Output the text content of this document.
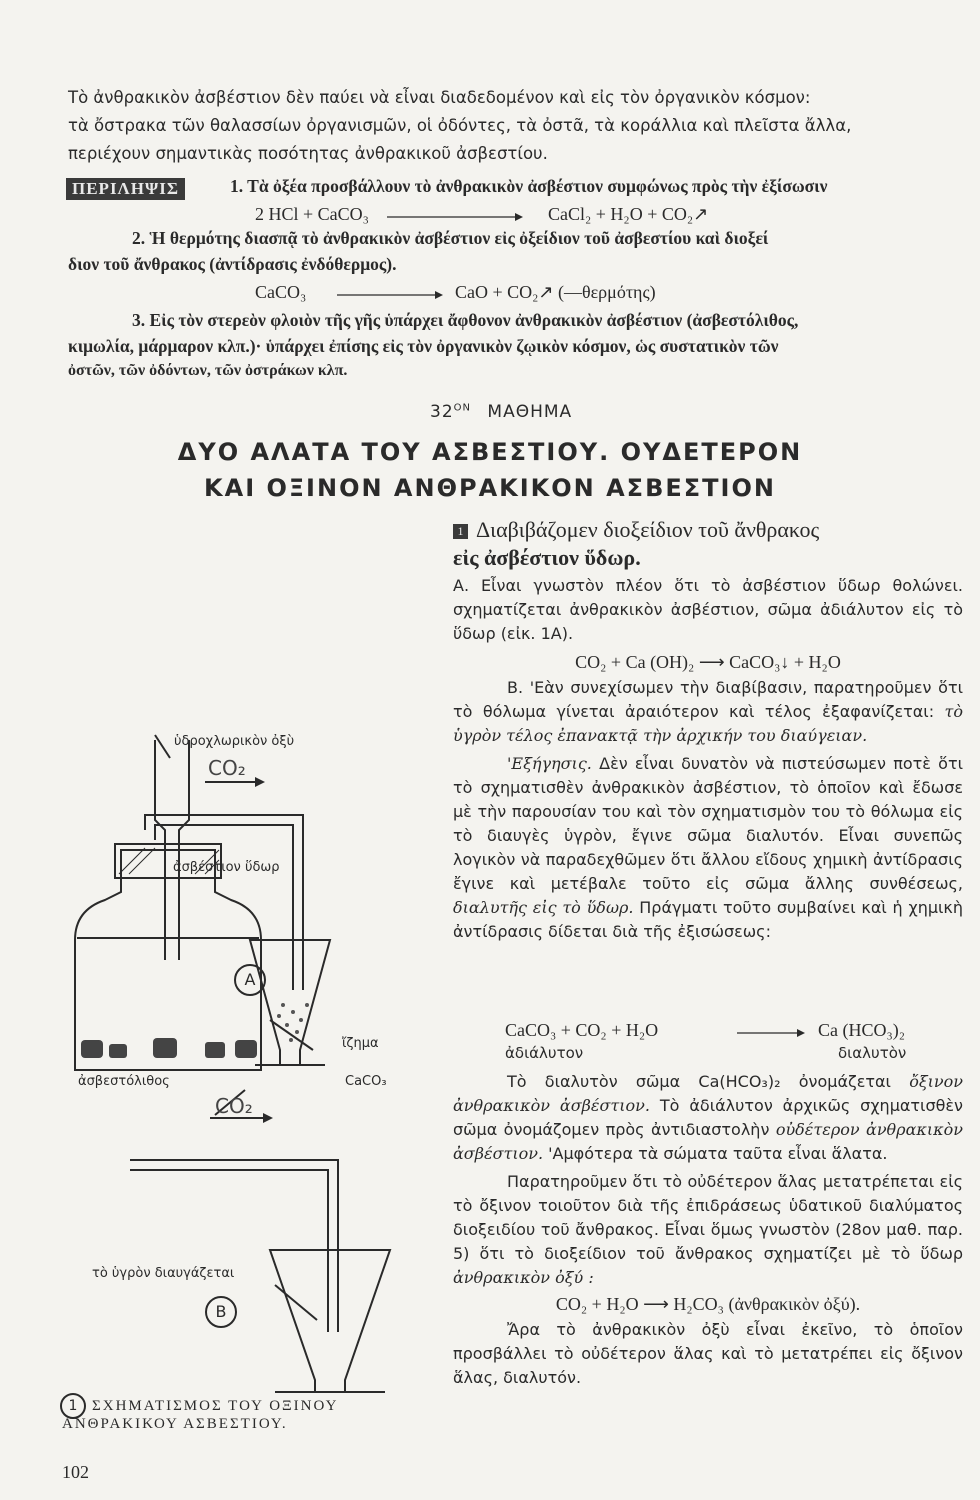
Τὸ ἀνθρακικὸν ἀσβέστιον δὲν παύει νὰ εἶναι διαδεδομένον καὶ εἰς τὸν ὀργανικὸν κόσμον:
τὰ ὄστρακα τῶν θαλασσίων ὀργανισμῶν, οἱ ὀδόντες, τὰ ὀστᾶ, τὰ κοράλλια καὶ πλεῖστα ἄλλα,
περιέχουν σημαντικὰς ποσότητας ἀνθρακικοῦ ἀσβεστίου.
ΠΕΡΙΛΗΨΙΣ	1. Τὰ ὀξέα προσβάλλουν τὸ ἀνθρακικὸν ἀσβέστιον συμφώνως πρὸς τὴν ἐξίσωσιν
2 HCl + CaCO₃	CaCl₂ + H₂O + CO₂↗
2. Ἡ θερμότης διασπᾷ τὸ ἀνθρακικὸν ἀσβέστιον εἰς ὀξείδιον τοῦ ἀσβεστίου καὶ διοξεί
διον τοῦ ἄνθρακος (ἀντίδρασις ἐνδόθερμος).
CaCO₃	CaO + CO₂↗ (—θερμότης)
3. Εἰς τὸν στερεὸν φλοιὸν τῆς γῆς ὑπάρχει ἄφθονον ἀνθρακικὸν ἀσβέστιον (ἀσβεστόλιθος,
κιμωλία, μάρμαρον κλπ.)· ὑπάρχει ἐπίσης εἰς τὸν ὀργανικὸν ζῳικὸν κόσμον, ὡς συστατικὸν τῶν
ὀστῶν, τῶν ὀδόντων, τῶν ὀστράκων κλπ.
$32^{ON}$ ΜΑΘΗΜΑ
ΔΥΟ ΑΛΑΤΑ ΤΟΥ ΑΣΒΕΣΤΙΟΥ. ΟΥΔΕΤΕΡΟΝ
ΚΑΙ ΟΞΙΝΟΝ ΑΝΘΡΑΚΙΚΟΝ ΑΣΒΕΣΤΙΟΝ
1 Διαβιβάζομεν διοξείδιον τοῦ ἄνθρακος
εἰς ἀσβέστιον ὕδωρ.

Α. Εἶναι γνωστὸν πλέον ὅτι τὸ ἀσβέστιον ὕδωρ θολώνει. σχηματίζεται ἀνθρακικὸν ἀσβέστιον, σῶμα ἀδιάλυτον εἰς τὸ ὕδωρ (εἰκ. 1Α).

CO₂ + Ca (OH)₂ ⟶ CaCO₃↓ + H₂O

Β. 'Εὰν συνεχίσωμεν τὴν διαβίβασιν, παρατηροῦμεν ὅτι τὸ θόλωμα γίνεται ἀραιότερον καὶ τέλος ἐξαφανίζεται: τὸ ὑγρὸν τέλος ἐπανακτᾷ τὴν ἀρχικήν του διαύγειαν.

'Εξήγησις. Δὲν εἶναι δυνατὸν νὰ πιστεύσωμεν ποτὲ ὅτι τὸ σχηματισθὲν ἀνθρακικὸν ἀσβέστιον, τὸ ὁποῖον καὶ ἔδωσε μὲ τὴν παρουσίαν του καὶ τὸν σχηματισμὸν του τὸ θόλωμα εἰς τὸ διαυγὲς ὑγρὸν, ἔγινε σῶμα διαλυτόν. Εἶναι συνεπῶς λογικὸν νὰ παραδεχθῶμεν ὅτι ἄλλου εἴδους χημικὴ ἀντίδρασις ἔγινε καὶ μετέβαλε τοῦτο εἰς σῶμα ἄλλης συνθέσεως, διαλυτῆς εἰς τὸ ὕδωρ. Πράγματι τοῦτο συμβαίνει καὶ ἡ χημικὴ ἀντίδρασις δίδεται διὰ τῆς ἐξισώσεως:

CaCO₃ + CO₂ + H₂O	Ca (HCO₃)₂
ἀδιάλυτον	διαλυτὸν

Τὸ διαλυτὸν σῶμα Ca(HCO₃)₂ ὀνομάζεται ὄξινον ἀνθρακικὸν ἀσβέστιον. Τὸ ἀδιάλυτον ἀρχικῶς σχηματισθὲν σῶμα ὀνομάζομεν πρὸς ἀντιδιαστολὴν οὐδέτερον ἀνθρακικὸν ἀσβέστιον. 'Αμφότερα τὰ σώματα ταῦτα εἶναι ἅλατα.

Παρατηροῦμεν ὅτι τὸ οὐδέτερον ἅλας μετατρέπεται εἰς τὸ ὄξινον τοιοῦτον διὰ τῆς ἐπιδράσεως ὑδατικοῦ διαλύματος διοξειδίου τοῦ ἄνθρακος. Εἶναι ὅμως γνωστὸν (28ον μαθ. παρ. 5) ὅτι τὸ διοξείδιον τοῦ ἄνθρακος σχηματίζει μὲ τὸ ὕδωρ ἀνθρακικὸν ὀξύ :

CO₂ + H₂O ⟶ H₂CO₃ (ἀνθρακικὸν ὀξύ).

Ἄρα τὸ ἀνθρακικὸν ὀξὺ εἶναι ἐκεῖνο, τὸ ὁποῖον προσβάλλει τὸ οὐδέτερον ἅλας καὶ τὸ μετατρέπει εἰς ὄξινον ἅλας, διαλυτόν.

ὑδροχλωρικὸν ὀξὺ
CO₂
ἀσβέστιον ὕδωρ
Α
ἴζημα
CaCO₃
ἀσβεστόλιθος
CO₂
τὸ ὑγρὸν διαυγάζεται
Β
1 ΣΧΗΜΑΤΙΣΜΟΣ ΤΟΥ ΟΞΙΝΟΥ
ΑΝΘΡΑΚΙΚΟΥ ΑΣΒΕΣΤΙΟΥ.
102
